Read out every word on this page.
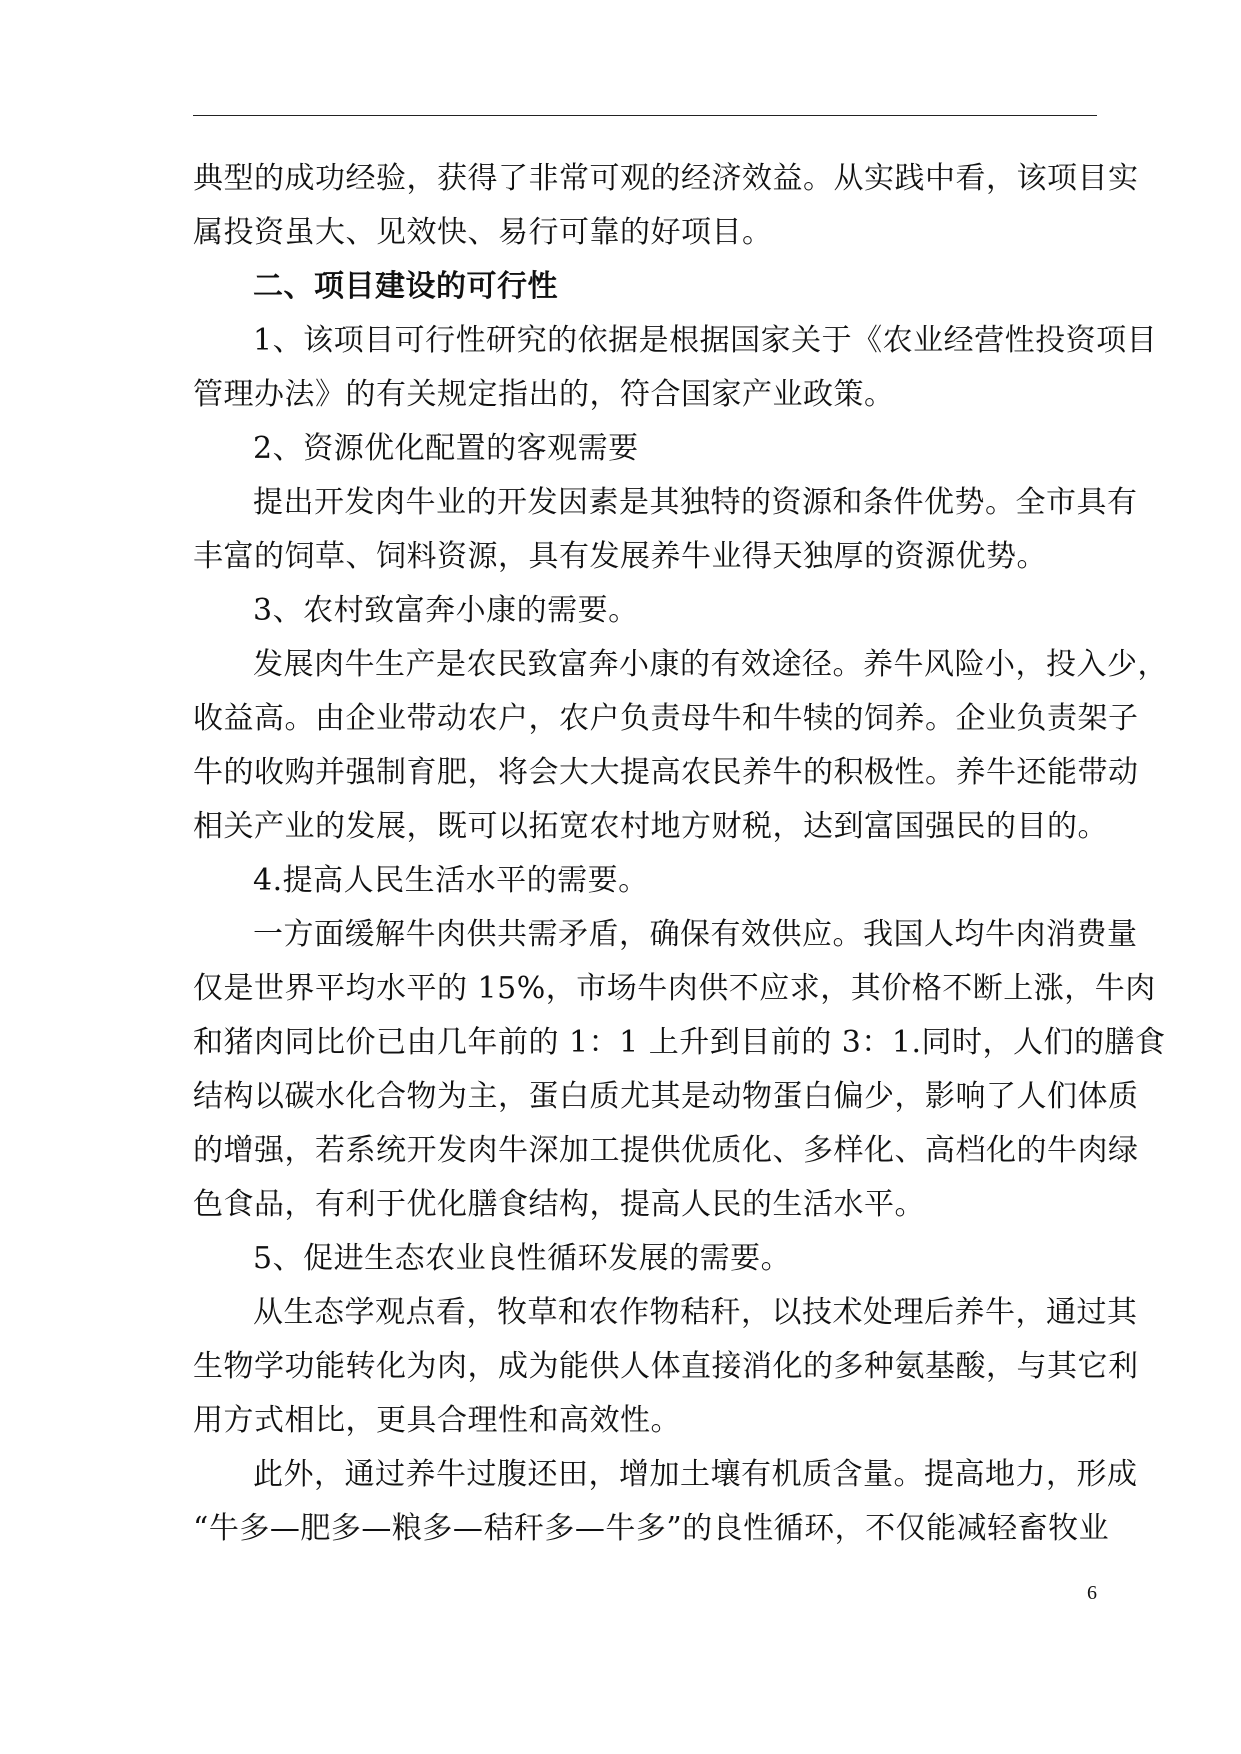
典型的成功经验，获得了非常可观的经济效益。从实践中看，该项目实
属投资虽大、见效快、易行可靠的好项目。
二、项目建设的可行性
1、该项目可行性研究的依据是根据国家关于《农业经营性投资项目
管理办法》的有关规定指出的，符合国家产业政策。
2、资源优化配置的客观需要
提出开发肉牛业的开发因素是其独特的资源和条件优势。全市具有
丰富的饲草、饲料资源，具有发展养牛业得天独厚的资源优势。
3、农村致富奔小康的需要。
发展肉牛生产是农民致富奔小康的有效途径。养牛风险小，投入少，
收益高。由企业带动农户，农户负责母牛和牛犊的饲养。企业负责架子
牛的收购并强制育肥，将会大大提高农民养牛的积极性。养牛还能带动
相关产业的发展，既可以拓宽农村地方财税，达到富国强民的目的。
4.提高人民生活水平的需要。
一方面缓解牛肉供共需矛盾，确保有效供应。我国人均牛肉消费量
仅是世界平均水平的 15%，市场牛肉供不应求，其价格不断上涨，牛肉
和猪肉同比价已由几年前的 1：1 上升到目前的 3：1.同时，人们的膳食
结构以碳水化合物为主，蛋白质尤其是动物蛋白偏少，影响了人们体质
的增强，若系统开发肉牛深加工提供优质化、多样化、高档化的牛肉绿
色食品，有利于优化膳食结构，提高人民的生活水平。
5、促进生态农业良性循环发展的需要。
从生态学观点看，牧草和农作物秸秆，以技术处理后养牛，通过其
生物学功能转化为肉，成为能供人体直接消化的多种氨基酸，与其它利
用方式相比，更具合理性和高效性。
此外，通过养牛过腹还田，增加土壤有机质含量。提高地力，形成
“牛多—肥多—粮多—秸秆多—牛多”的良性循环，不仅能减轻畜牧业
6
